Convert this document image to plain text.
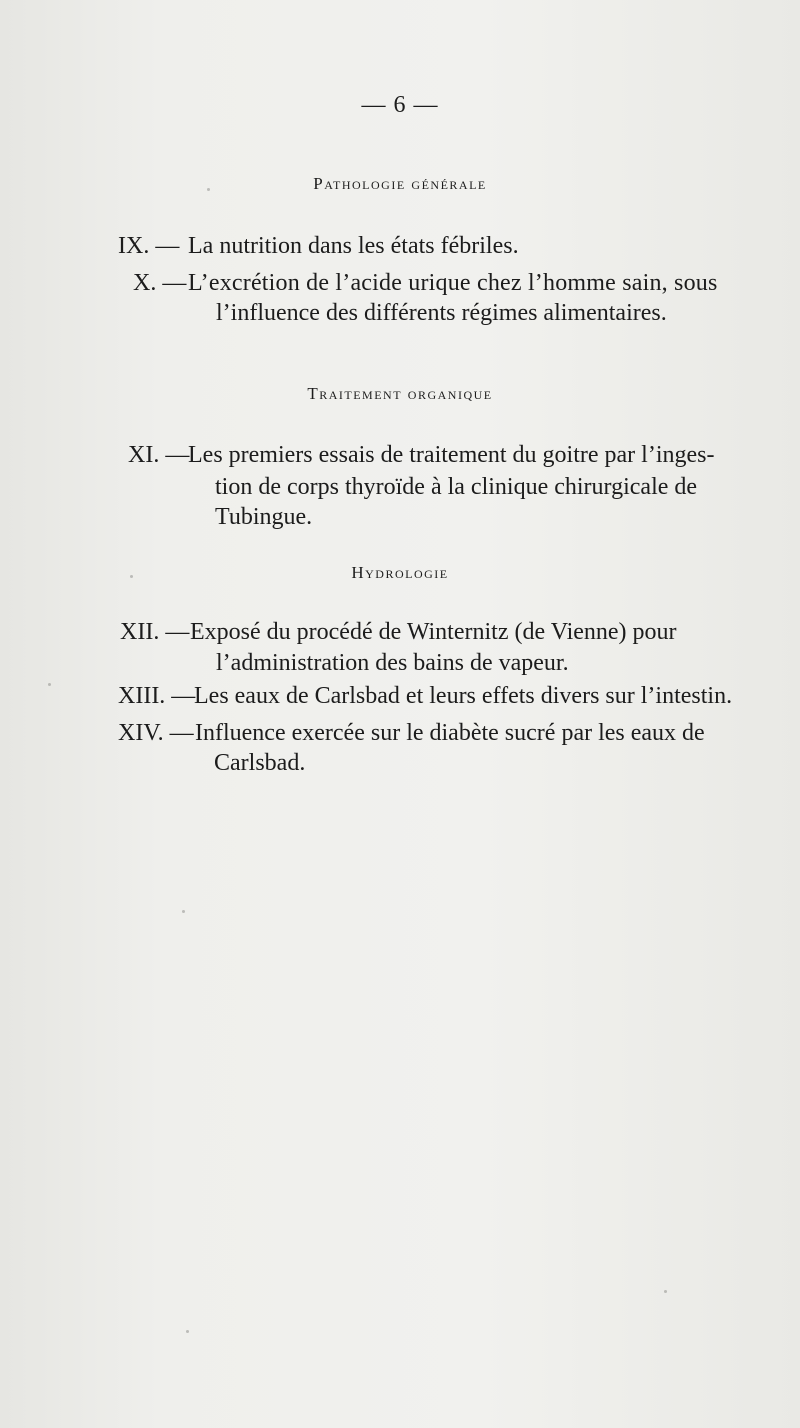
— 6 —
Pathologie générale
IX. — La nutrition dans les états fébriles.
X. — L’excrétion de l’acide urique chez l’homme sain, sous
l’influence des différents régimes alimentaires.
Traitement organique
XI. —
Les premiers essais de traitement du goitre par l’inges-
tion de corps thyroïde à la clinique chirurgicale de
Tubingue.
Hydrologie
XII. — Exposé du procédé de Winternitz (de Vienne) pour
l’administration des bains de vapeur.
XIII. —
Les eaux de Carlsbad et leurs effets divers sur l’intestin.
XIV. — Influence exercée sur le diabète sucré par les eaux de
Carlsbad.
